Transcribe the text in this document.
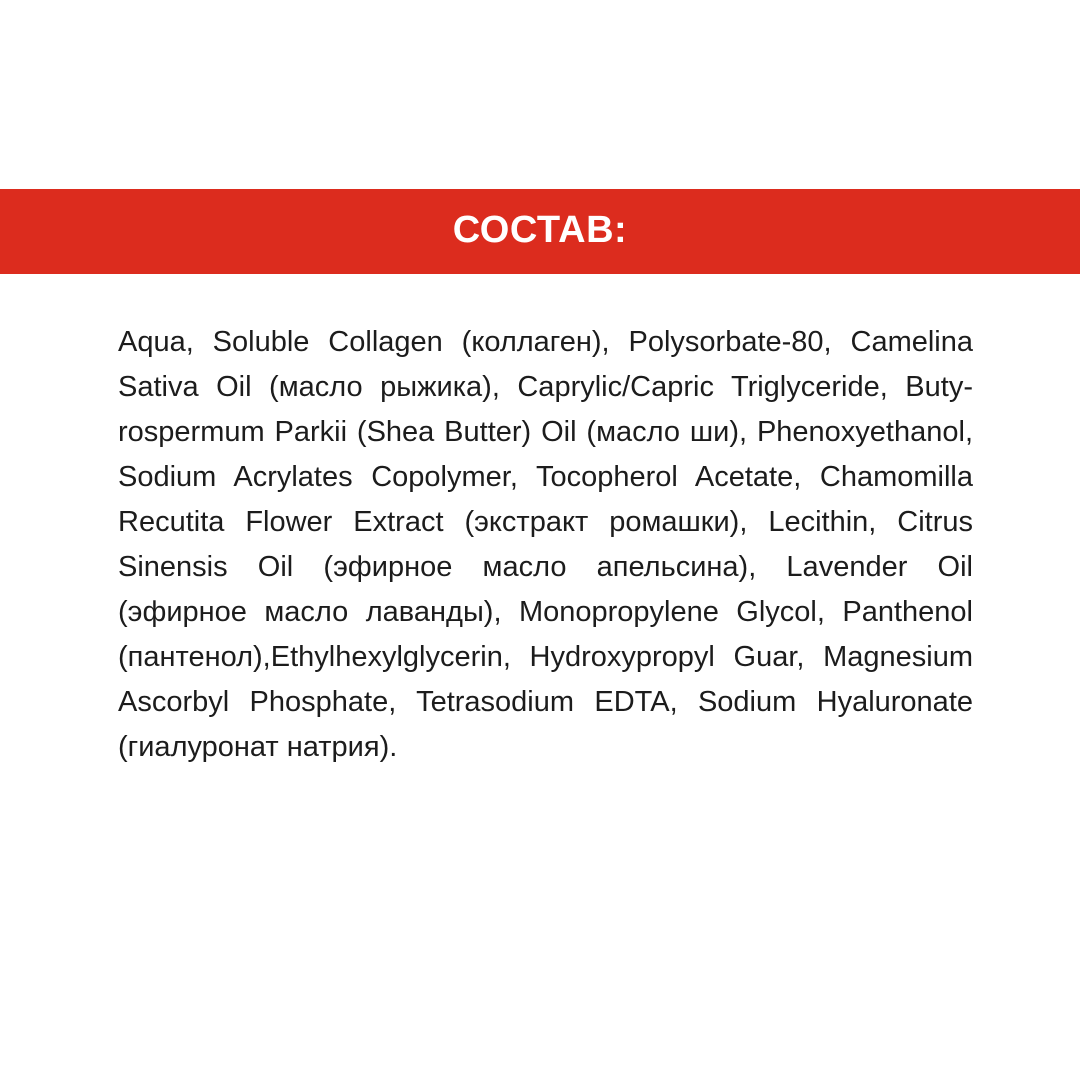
СОСТАВ:

Aqua, Soluble Collagen (коллаген), Polysorbate-80, Camelina Sativa Oil (масло рыжика), Caprylic/Capric Triglyceride, Butyrospermum Parkii (Shea Butter) Oil (масло ши), Phenoxyethanol, Sodium Acrylates Copolymer, Tocopherol Acetate, Chamomilla Recutita Flower Extract (экстракт ромашки), Lecithin, Citrus Sinensis Oil (эфирное масло апельсина), Lavender Oil (эфирное масло лаванды), Monopropylene Glycol, Panthenol (пантенол),Ethylhexylglycerin, Hydroxypropyl Guar, Magnesium Ascorbyl Phosphate, Tetrasodium EDTA, Sodium Hyaluronate (гиалуронат натрия).
